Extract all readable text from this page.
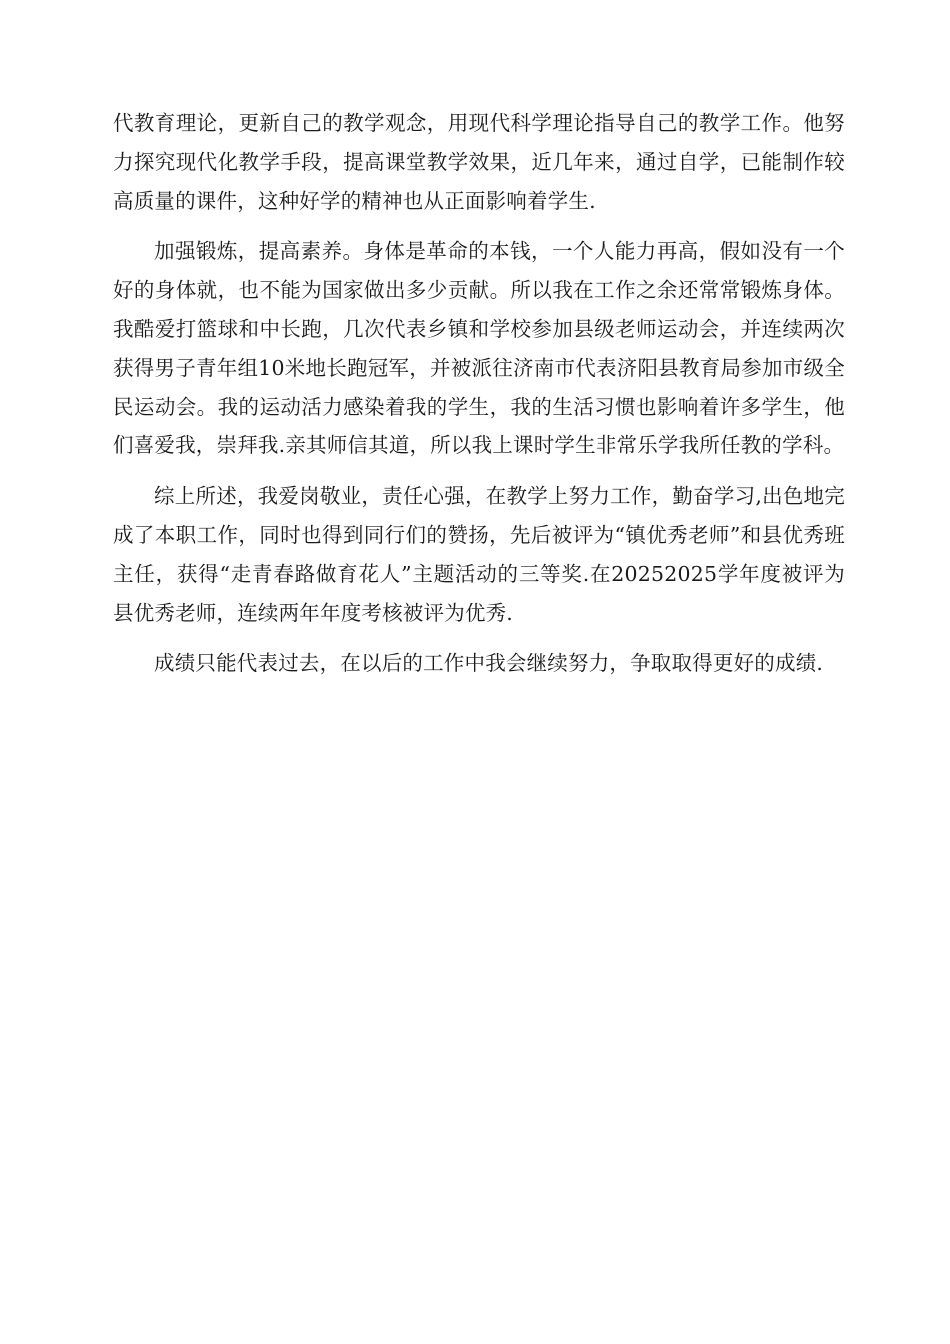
代教育理论，更新自己的教学观念，用现代科学理论指导自己的教学工作。他努力探究现代化教学手段，提高课堂教学效果，近几年来，通过自学，已能制作较高质量的课件，这种好学的精神也从正面影响着学生.

加强锻炼，提高素养。身体是革命的本钱，一个人能力再高，假如没有一个好的身体就，也不能为国家做出多少贡献。所以我在工作之余还常常锻炼身体。我酷爱打篮球和中长跑，几次代表乡镇和学校参加县级老师运动会，并连续两次获得男子青年组10米地长跑冠军，并被派往济南市代表济阳县教育局参加市级全民运动会。我的运动活力感染着我的学生，我的生活习惯也影响着许多学生，他们喜爱我，崇拜我.亲其师信其道，所以我上课时学生非常乐学我所任教的学科。

综上所述，我爱岗敬业，责任心强，在教学上努力工作，勤奋学习,出色地完成了本职工作，同时也得到同行们的赞扬，先后被评为“镇优秀老师”和县优秀班主任，获得“走青春路做育花人”主题活动的三等奖.在20252025学年度被评为县优秀老师，连续两年年度考核被评为优秀.

成绩只能代表过去，在以后的工作中我会继续努力，争取取得更好的成绩.
